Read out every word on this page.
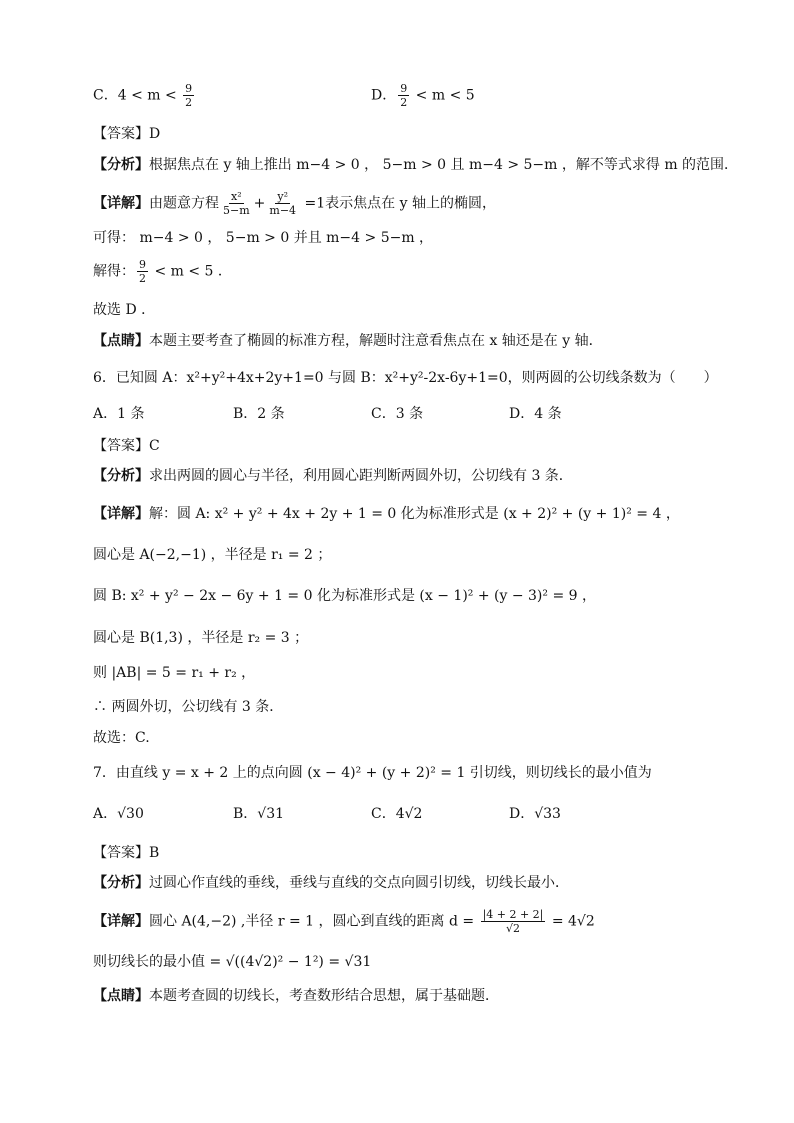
C．$4 < m < \frac{9}{2}$	D． $\frac{9}{2} < m < 5$
【答案】D
【分析】根据焦点在 y 轴上推出 m−4 > 0 ， 5−m > 0 且 m−4 > 5−m ，解不等式求得 m 的范围．
【详解】由题意方程 $\frac{\text{x²}}{5-m} + \frac{\text{y²}}{m-4} =1$表示焦点在 y 轴上的椭圆，
可得： m−4 > 0 ， 5−m > 0 并且 m−4 > 5−m ，
解得： $\frac{9}{2} < m < 5$ ．
故选 D ．
【点睛】本题主要考查了椭圆的标准方程，解题时注意看焦点在 x 轴还是在 y 轴．
6．已知圆 A：x²+y²+4x+2y+1=0 与圆 B：x²+y²-2x-6y+1=0，则两圆的公切线条数为（　　）
A．1 条	B．2 条	C．3 条	D．4 条
【答案】C
【分析】求出两圆的圆心与半径，利用圆心距判断两圆外切，公切线有 3 条．
【详解】解：圆 A: x² + y² + 4x + 2y + 1 = 0 化为标准形式是 (x + 2)² + (y + 1)² = 4 ，
圆心是 A(−2,−1) ，半径是 r₁ = 2 ；
圆 B: x² + y² − 2x − 6y + 1 = 0 化为标准形式是 (x − 1)² + (y − 3)² = 9 ，
圆心是 B(1,3) ，半径是 r₂ = 3 ；
则 |AB| = 5 = r₁ + r₂ ，
∴ 两圆外切，公切线有 3 条．
故选：C.
7．由直线 y = x + 2 上的点向圆 (x − 4)² + (y + 2)² = 1 引切线，则切线长的最小值为
A．√30	B．√31	C．4√2	D．√33
【答案】B
【分析】过圆心作直线的垂线，垂线与直线的交点向圆引切线，切线长最小．
【详解】圆心 A(4,−2) ,半径 r = 1 ，圆心到直线的距离 $d = \frac{|4 + 2 + 2|}{√2} = 4√2$
则切线长的最小值 = √((4√2)² − 1²) = √31
【点睛】本题考查圆的切线长，考查数形结合思想，属于基础题．
